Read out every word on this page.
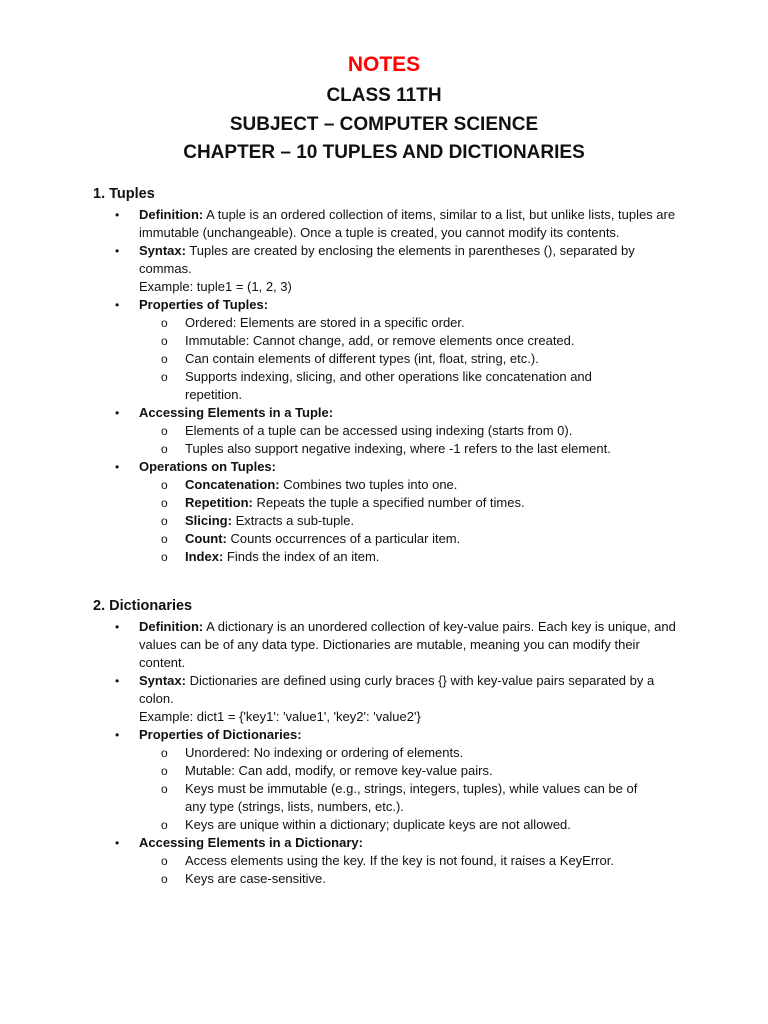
NOTES
CLASS 11TH
SUBJECT – COMPUTER SCIENCE
CHAPTER – 10 TUPLES AND DICTIONARIES
1. Tuples
• Definition: A tuple is an ordered collection of items, similar to a list, but unlike lists, tuples are immutable (unchangeable). Once a tuple is created, you cannot modify its contents.
• Syntax: Tuples are created by enclosing the elements in parentheses (), separated by commas.
Example: tuple1 = (1, 2, 3)
• Properties of Tuples:
o Ordered: Elements are stored in a specific order.
o Immutable: Cannot change, add, or remove elements once created.
o Can contain elements of different types (int, float, string, etc.).
o Supports indexing, slicing, and other operations like concatenation and repetition.
• Accessing Elements in a Tuple:
o Elements of a tuple can be accessed using indexing (starts from 0).
o Tuples also support negative indexing, where -1 refers to the last element.
• Operations on Tuples:
o Concatenation: Combines two tuples into one.
o Repetition: Repeats the tuple a specified number of times.
o Slicing: Extracts a sub-tuple.
o Count: Counts occurrences of a particular item.
o Index: Finds the index of an item.
2. Dictionaries
• Definition: A dictionary is an unordered collection of key-value pairs. Each key is unique, and values can be of any data type. Dictionaries are mutable, meaning you can modify their content.
• Syntax: Dictionaries are defined using curly braces {} with key-value pairs separated by a colon.
Example: dict1 = {'key1': 'value1', 'key2': 'value2'}
• Properties of Dictionaries:
o Unordered: No indexing or ordering of elements.
o Mutable: Can add, modify, or remove key-value pairs.
o Keys must be immutable (e.g., strings, integers, tuples), while values can be of any type (strings, lists, numbers, etc.).
o Keys are unique within a dictionary; duplicate keys are not allowed.
• Accessing Elements in a Dictionary:
o Access elements using the key. If the key is not found, it raises a KeyError.
o Keys are case-sensitive.
